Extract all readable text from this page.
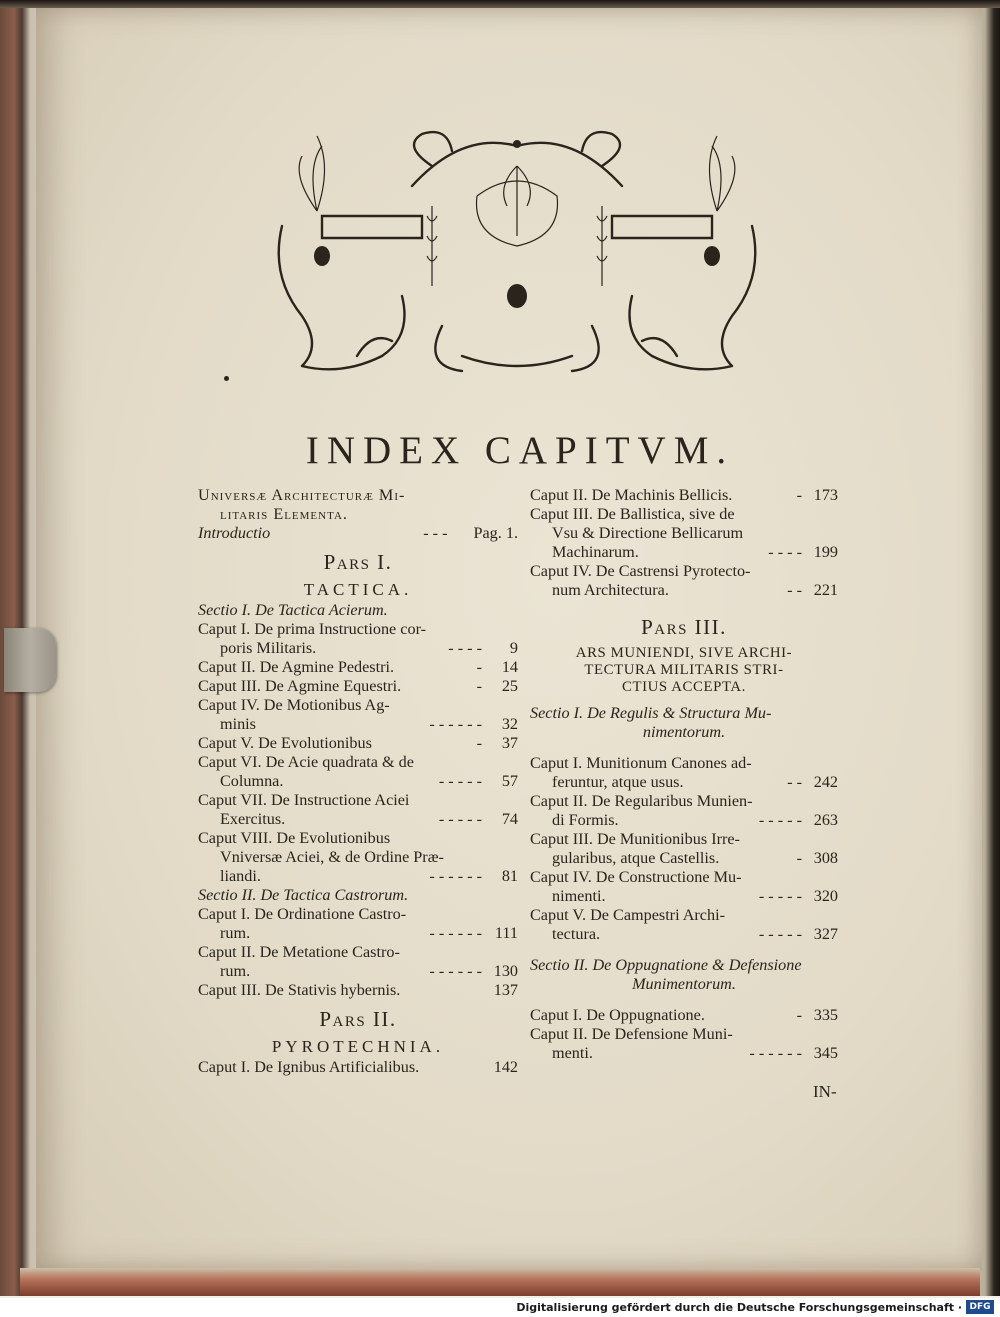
INDEX CAPITVM.
Universæ Architecturæ Mi-
litaris Elementa.
Introductio	- - - Pag. 1.
Pars I.
TACTICA.
Sectio I. De Tactica Acierum.
Caput I. De prima Instructione cor-
poris Militaris.	- - - -	9
Caput II. De Agmine Pedestri.	-	14
Caput III. De Agmine Equestri.	-	25
Caput IV. De Motionibus Ag-
minis	- - - - - -	32
Caput V. De Evolutionibus	-	37
Caput VI. De Acie quadrata & de
Columna.	- - - - -	57
Caput VII. De Instructione Aciei
Exercitus.	- - - - -	74
Caput VIII. De Evolutionibus
Vniversæ Aciei, & de Ordine Præ-
liandi.	- - - - - -	81
Sectio II. De Tactica Castrorum.
Caput I. De Ordinatione Castro-
rum.	- - - - - - 111
Caput II. De Metatione Castro-
rum.	- - - - - - 130
Caput III. De Stativis hybernis.	137
Pars II.
PYROTECHNIA.
Caput I. De Ignibus Artificialibus.	142
Caput II. De Machinis Bellicis.	- 173
Caput III. De Ballistica, sive de
Vsu & Directione Bellicarum
Machinarum.	- - - - 199
Caput IV. De Castrensi Pyrotecto-
num Architectura.	- - 221
Pars III.
ARS MUNIENDI, SIVE ARCHI-
TECTURA MILITARIS STRI-
CTIUS ACCEPTA.
Sectio I. De Regulis & Structura Mu-
nimentorum.
Caput I. Munitionum Canones ad-
feruntur, atque usus.	- - 242
Caput II. De Regularibus Munien-
di Formis.	- - - - - 263
Caput III. De Munitionibus Irre-
gularibus, atque Castellis.	- 308
Caput IV. De Constructione Mu-
nimenti.	- - - - - 320
Caput V. De Campestri Archi-
tectura.	- - - - - 327
Sectio II. De Oppugnatione & Defensione
Munimentorum.
Caput I. De Oppugnatione.	- 335
Caput II. De Defensione Muni-
menti.	- - - - - - 345
IN-
Digitalisierung gefördert durch die Deutsche Forschungsgemeinschaft · DFG
